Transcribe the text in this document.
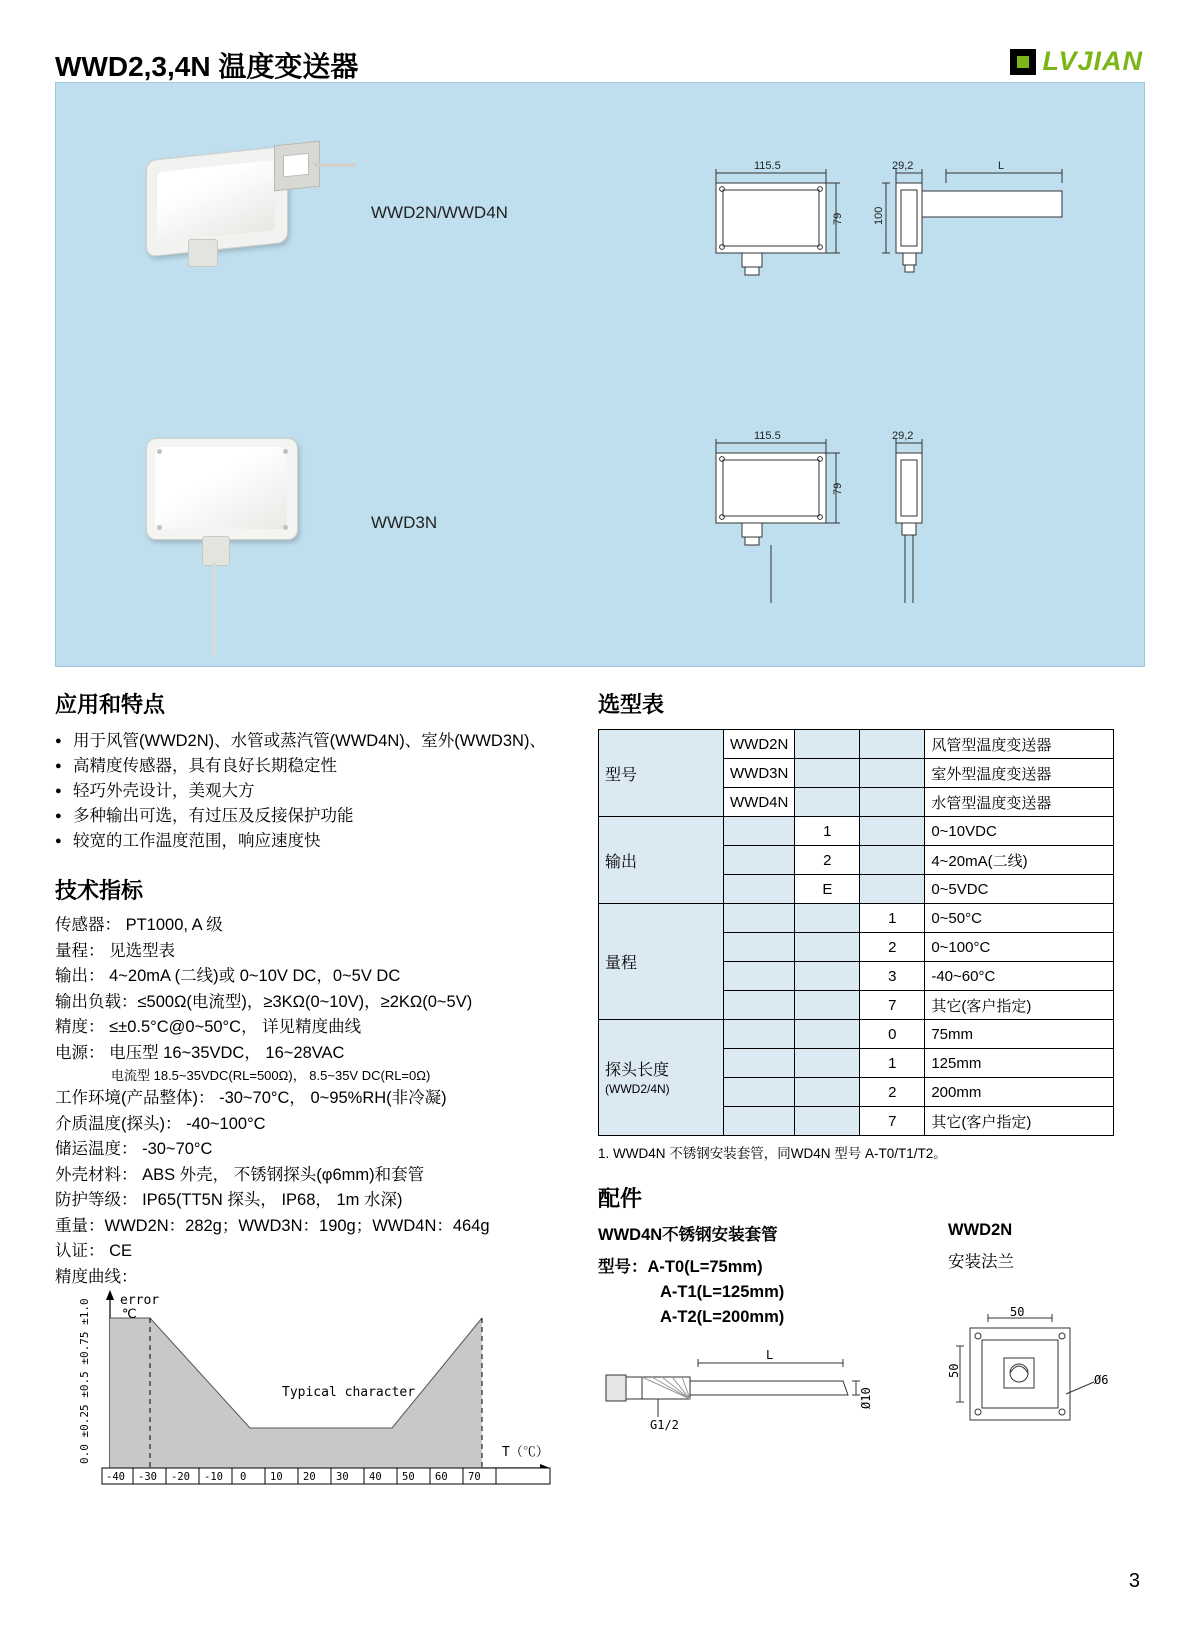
WWD2,3,4N 温度变送器	LVJIAN
WWD2N/WWD4N
WWD3N
115.5
79
29,2	L
100
115.5
79
29,2
应用和特点
● 用于风管(WWD2N)、水管或蒸汽管(WWD4N)、室外(WWD3N)、
● 高精度传感器，具有良好长期稳定性
● 轻巧外壳设计，美观大方
● 多种输出可选，有过压及反接保护功能
● 较宽的工作温度范围，响应速度快
技术指标
传感器： PT1000, A 级
量程： 见选型表
输出： 4~20mA (二线)或 0~10V DC，0~5V DC
输出负载：≤500Ω(电流型)，≥3KΩ(0~10V)，≥2KΩ(0~5V)
精度： ≤±0.5°C@0~50°C， 详见精度曲线
电源： 电压型 16~35VDC， 16~28VAC
电流型 18.5~35VDC(RL=500Ω)， 8.5~35V DC(RL=0Ω)
工作环境(产品整体)： -30~70°C， 0~95%RH(非冷凝)
介质温度(探头)： -40~100°C
储运温度： -30~70°C
外壳材料： ABS 外壳， 不锈钢探头(φ6mm)和套管
防护等级： IP65(TT5N 探头， IP68， 1m 水深)
重量：WWD2N：282g；WWD3N：190g；WWD4N：464g
认证： CE
精度曲线：
-40 -30 -20 -10 0 10 20 30 40 50 60 70
error
℃
Typical character
T（℃）
0.0 ±0.25 ±0.5 ±0.75 ±1.0
选型表
型号	WWD2N			风管型温度变送器
	WWD3N			室外型温度变送器
	WWD4N			水管型温度变送器
输出		1		0~10VDC
		2		4~20mA(二线)
		E		0~5VDC
量程			1	0~50°C
			2	0~100°C
			3	-40~60°C
			7	其它(客户指定)
探头长度
(WWD2/4N)			0	75mm
			1	125mm
			2	200mm
			7	其它(客户指定)
1. WWD4N 不锈钢安装套管，同WD4N 型号 A-T0/T1/T2。
配件
WWD4N不锈钢安装套管
型号：A-T0(L=75mm)
A-T1(L=125mm)
A-T2(L=200mm)
L
G1/2
Ø10
WWD2N
安装法兰
50
50
Ø6
3
